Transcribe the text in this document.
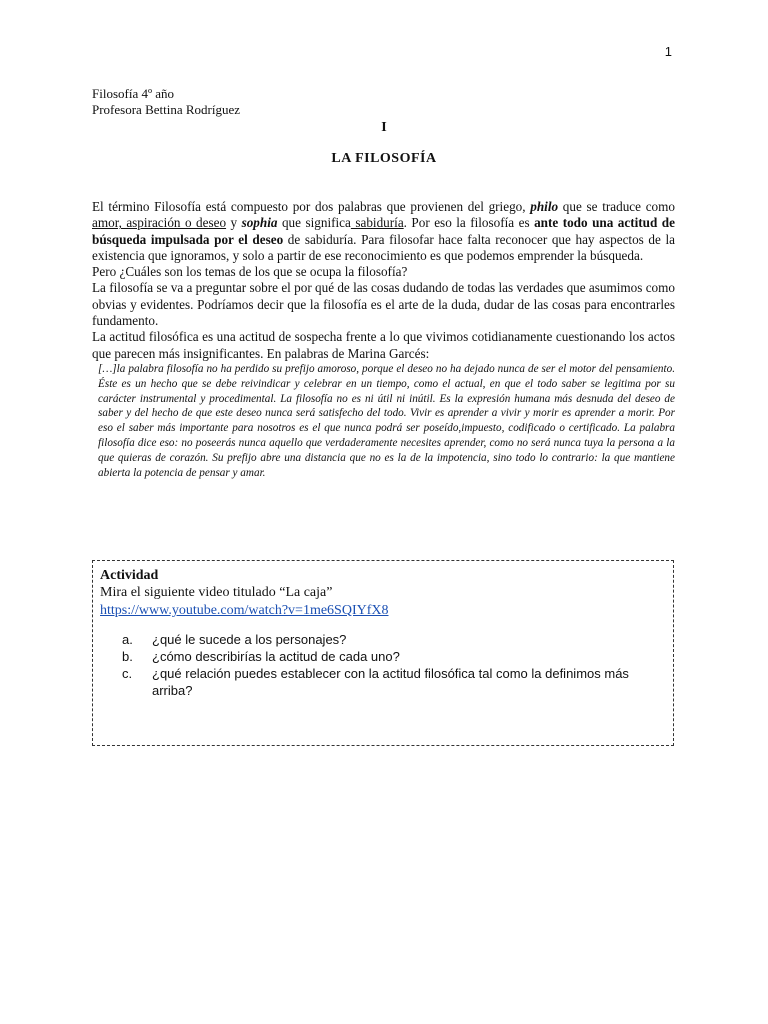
1
Filosofía 4º año
Profesora Bettina Rodríguez
I
LA FILOSOFÍA

El término Filosofía está compuesto por dos palabras que provienen del griego, philo que se traduce como amor, aspiración o deseo y sophia que significa sabiduría. Por eso la filosofía es ante todo una actitud de búsqueda impulsada por el deseo de sabiduría. Para filosofar hace falta reconocer que hay aspectos de la existencia que ignoramos, y solo a partir de ese reconocimiento es que podemos emprender la búsqueda.

Pero ¿Cuáles son los temas de los que se ocupa la filosofía?

La filosofía se va a preguntar sobre el por qué de las cosas dudando de todas las verdades que asumimos como obvias y evidentes. Podríamos decir que la filosofía es el arte de la duda, dudar de las cosas para encontrarles fundamento.

La actitud filosófica es una actitud de sospecha frente a lo que vivimos cotidianamente cuestionando los actos que parecen más insignificantes. En palabras de Marina Garcés:

[…]la palabra filosofía no ha perdido su prefijo amoroso, porque el deseo no ha dejado nunca de ser el motor del pensamiento. Éste es un hecho que se debe reivindicar y celebrar en un tiempo, como el actual, en que el todo saber se legitima por su carácter instrumental y procedimental. La filosofía no es ni útil ni inútil. Es la expresión humana más desnuda del deseo de saber y del hecho de que este deseo nunca será satisfecho del todo. Vivir es aprender a vivir y morir es aprender a morir. Por eso el saber más importante para nosotros es el que nunca podrá ser poseído,impuesto, codificado o certificado. La palabra filosofía dice eso: no poseerás nunca aquello que verdaderamente necesites aprender, como no será nunca tuya la persona a la que quieras de corazón. Su prefijo abre una distancia que no es la de la impotencia, sino todo lo contrario: la que mantiene abierta la potencia de pensar y amar.

Actividad
Mira el siguiente video titulado “La caja”
https://www.youtube.com/watch?v=1me6SQIYfX8
a.	¿qué le sucede a los personajes?
b.	¿cómo describirías la actitud de cada uno?
c.	¿qué relación puedes establecer con la actitud filosófica tal como la definimos más arriba?
